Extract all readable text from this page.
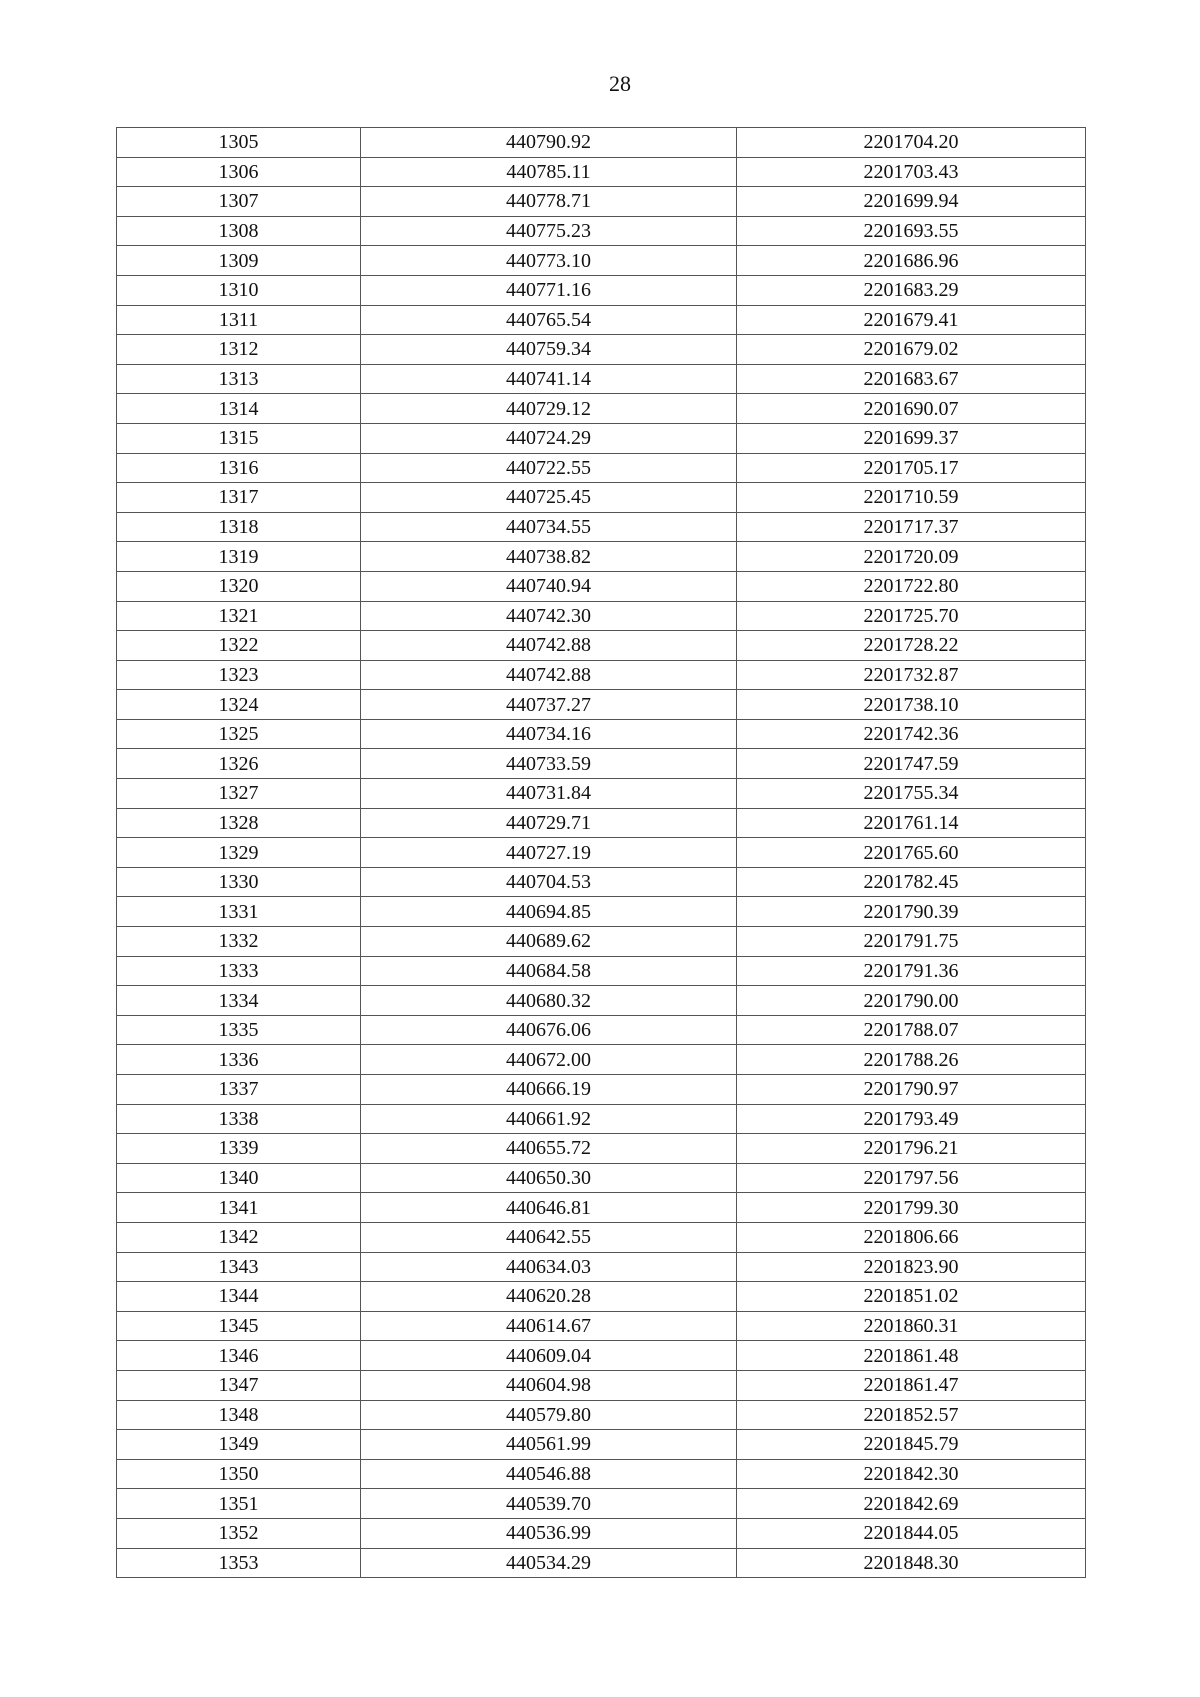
28
1305	440790.92	2201704.20
1306	440785.11	2201703.43
1307	440778.71	2201699.94
1308	440775.23	2201693.55
1309	440773.10	2201686.96
1310	440771.16	2201683.29
1311	440765.54	2201679.41
1312	440759.34	2201679.02
1313	440741.14	2201683.67
1314	440729.12	2201690.07
1315	440724.29	2201699.37
1316	440722.55	2201705.17
1317	440725.45	2201710.59
1318	440734.55	2201717.37
1319	440738.82	2201720.09
1320	440740.94	2201722.80
1321	440742.30	2201725.70
1322	440742.88	2201728.22
1323	440742.88	2201732.87
1324	440737.27	2201738.10
1325	440734.16	2201742.36
1326	440733.59	2201747.59
1327	440731.84	2201755.34
1328	440729.71	2201761.14
1329	440727.19	2201765.60
1330	440704.53	2201782.45
1331	440694.85	2201790.39
1332	440689.62	2201791.75
1333	440684.58	2201791.36
1334	440680.32	2201790.00
1335	440676.06	2201788.07
1336	440672.00	2201788.26
1337	440666.19	2201790.97
1338	440661.92	2201793.49
1339	440655.72	2201796.21
1340	440650.30	2201797.56
1341	440646.81	2201799.30
1342	440642.55	2201806.66
1343	440634.03	2201823.90
1344	440620.28	2201851.02
1345	440614.67	2201860.31
1346	440609.04	2201861.48
1347	440604.98	2201861.47
1348	440579.80	2201852.57
1349	440561.99	2201845.79
1350	440546.88	2201842.30
1351	440539.70	2201842.69
1352	440536.99	2201844.05
1353	440534.29	2201848.30
